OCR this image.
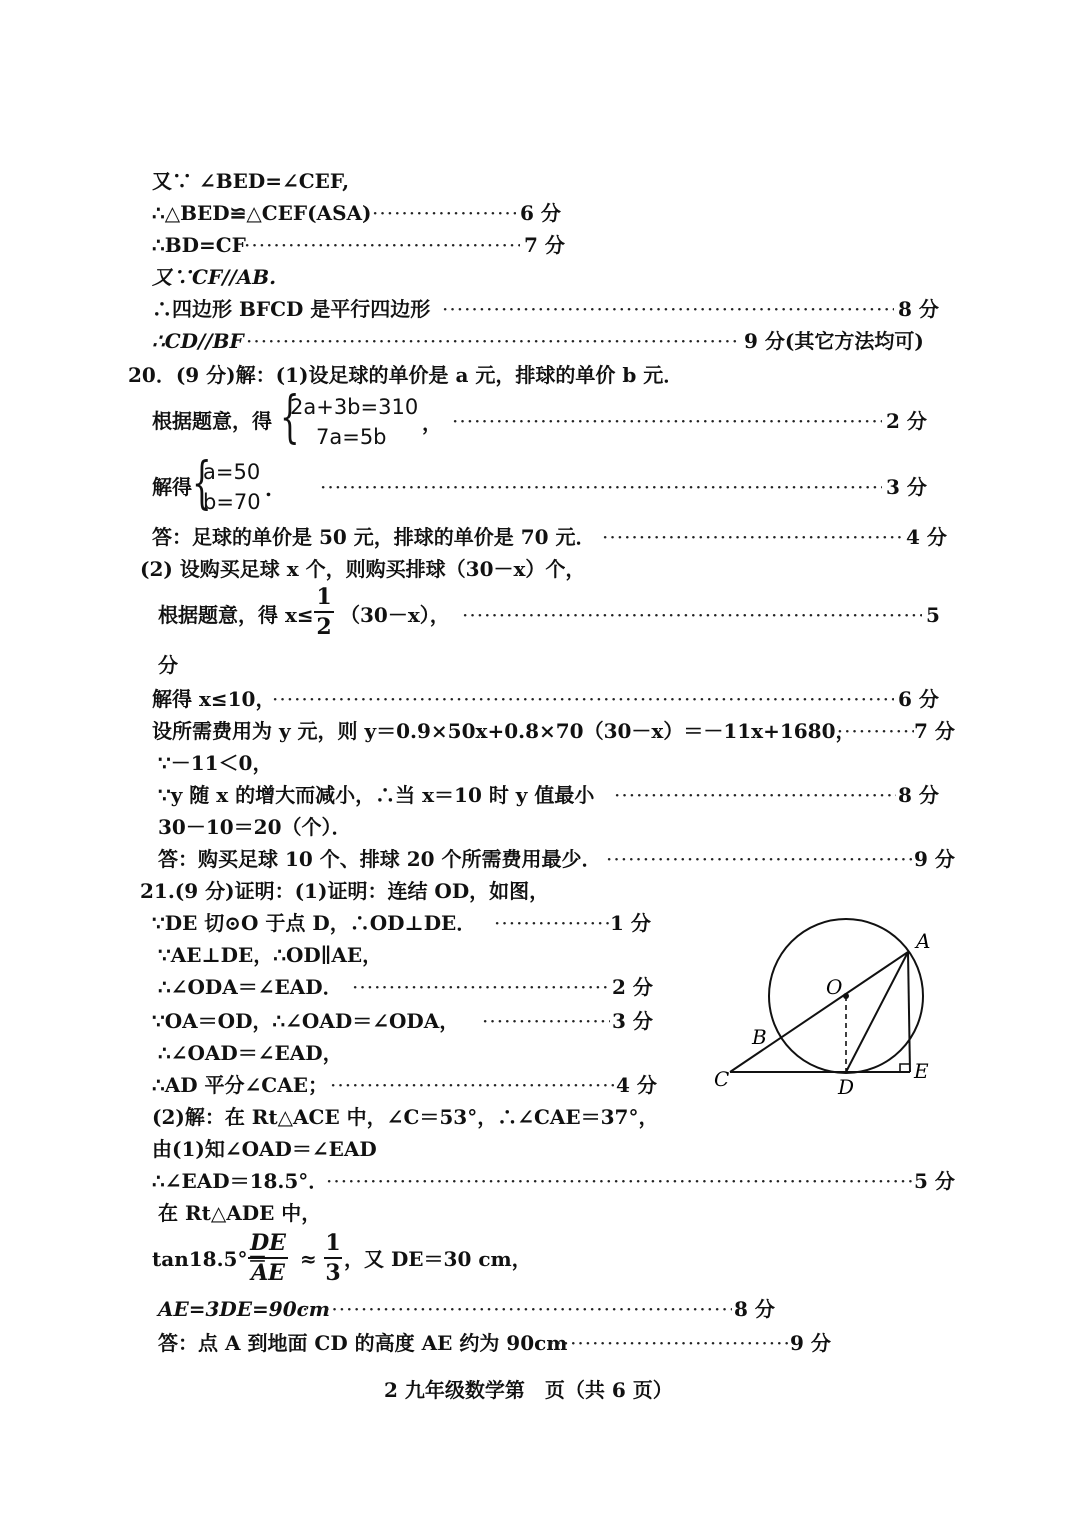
又∵ ∠BED=∠CEF,
∴△BED≌△CEF(ASA) ·····	6 分
∴BD=CF ·····	7 分
又∵CF//AB.
∴四边形 BFCD 是平行四边形 ·····	8 分
∴CD//BF ·····	9 分(其它方法均可)
20．(9 分)解：(1)设足球的单价是 a 元，排球的单价 b 元．
根据题意，得 {
2a+3b=310
7a=5b
， ·····	2 分
解得 {
a=50
b=70
. ·····	3 分
答：足球的单价是 50 元，排球的单价是 70 元． ·····	4 分
(2) 设购买足球 x 个，则购买排球（30－x）个，
根据题意，得 x≤
1
2 （30－x）， ·····	5
分
解得 x≤10， ·····	6 分
设所需费用为 y 元，则 y＝0.9×50x+0.8×70（30－x）＝－11x+1680， ·····	7 分
∵－11＜0，
∵y 随 x 的增大而减小，∴当 x＝10 时 y 值最小 ·····	8 分
30－10＝20（个）．
答：购买足球 10 个、排球 20 个所需费用最少． ·····	9 分
21.(9 分)证明：(1)证明：连结 OD，如图，
∵DE 切⊙O 于点 D，∴OD⊥DE． ·····	1 分
∵AE⊥DE，∴OD∥AE，
∴∠ODA＝∠EAD． ·····	2 分
∵OA＝OD，∴∠OAD＝∠ODA， ·····	3 分
∴∠OAD＝∠EAD，
∴AD 平分∠CAE； ·····	4 分
(2)解：在 Rt△ACE 中，∠C＝53°，∴∠CAE＝37°，
由(1)知∠OAD＝∠EAD
∴∠EAD＝18.5°． ·····	5 分
在 Rt△ADE 中，
tan18.5°＝
DE
AE
≈
1
3
，又 DE＝30 cm，
AE=3DE=90cm ·····	8 分
答：点 A 到地面 CD 的高度 AE 约为 90cm ·····	9 分
A
O
B
C	D
E
2 九年级数学第　页（共 6 页）
